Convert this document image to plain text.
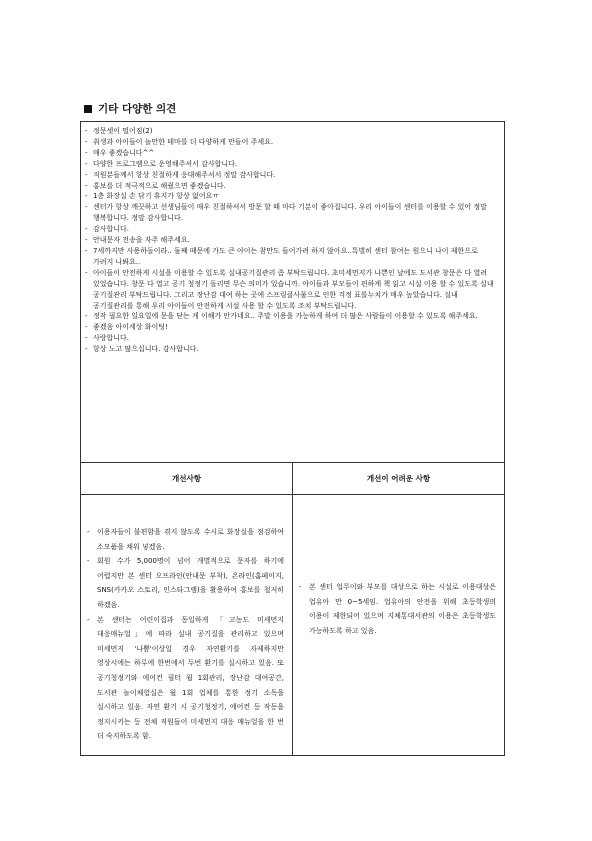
기타 다양한 의견
- 정문셋이 떨어짐(2)
- 취생과 아이들이 놀만한 테마를 더 다양하게 만들어 주세요.
- 매우 좋겠습니다^^
- 다양한 프로그램으로 운영해주셔서 감사합니다.
- 직원분들께서 항상 친절하게 응대해주셔서 정말 감사합니다.
- 홍보를 더 적극적으로 해줬으면 좋겠습니다.
- 1층 화장실 손 닦기 휴지가 항상 없어요ㅠ
- 센터가 항상 깨끗하고 선생님들이 매우 친절하셔서 방문 할 때 마다 기분이 좋아집니다. 우리 아이들이 센터를 이용할 수 있어 정말 행복합니다. 정말 감사합니다.
- 감사합니다.
- 안내문자 전송을 자주 해주세요.
- 7세까지만 사용하돌이라.. 둘째 때문에 가도 큰 아이는 참만도 들어가려 하지 않아요..특별히 센터 참여는 원으니 나이 제한으로 가려지 나봐요..
- 아이들이 안전하게 시설을 이용할 수 있도록 실내공기질관리 좀 부탁드립니다. 초미세먼지가 나쁜인 날에도 도서관 창문은 다 열려 있었습니다. 창문 다 열고 공기 청정기 돌리면 무슨 의미가 있습니까. 아이들과 부모들이 편하게 책 읽고 시설 이용 할 수 있도록 실내 공기질관리 부탁드립니다. 그리고 장난감 대여 하는 곳에 스프링클사물으로 인한 걱정 표를누치가 매우 높았습니다. 실내 공기질관리를 통해 우리 아이들이 안전하게 시설 사용 할 수 있도록 조치 부탁드립니다.
- 정작 필요한 일요일에 문을 닫는 게 이해가 안가네요.. 주말 이용을 가능하게 하여 더 많은 사람들이 이용할 수 있도록 해주세요.
- 좋겠음 아이세상 화이팅!
- 사랑합니다.
- 항상 노고 많으십니다. 감사합니다.
개선사항
- 이용자들이 불편함을 겪지 않도록 수시로 화장실을 점검하여 소모품을 채워 넣겠음.
- 회원 수가 5,000명이 넘어 개별적으로 문자를 하기에 어렵지만 본 센터 오프라인(안내문 부착), 온라인(홈페이지, SNS(카카오 스토리, 인스타그램)을 활용하여 홍보를 철저히 하겠음.
- 본 센터는 어린이집과 동일하게 「고농도 미세먼지 대응매뉴얼」에 따라 실내 공기질을 관리하고 있으며 미세먼지 '나쁨'이상일 경우 자연환기를 자제하지만 영상시에는 하루에 한번에서 두번 환기를 실시하고 있음. 또 공기청정기와 에어컨 필터 월 1회관리, 장난감 대여공간, 도서관 놀이체험실은 월 1회 업체를 통한 정기 소독을 실시하고 있음. 자연 환기 시 공기청정기, 에어컨 등 작동을 정지시키는 등 전체 직원들이 미세먼지 대응 매뉴얼을 한 번 더 숙지하도록 함.
개선이 어려운 사항
- 본 센터 업무이와 부모를 대상으로 하는 시설로 이용대상은 업유아 만 0~5세임. 업유아의 안전을 위해 초등학생의 이용이 제한되어 있으며 지체통대서관의 이용은 초등학생도 가능하도록 하고 있음.
